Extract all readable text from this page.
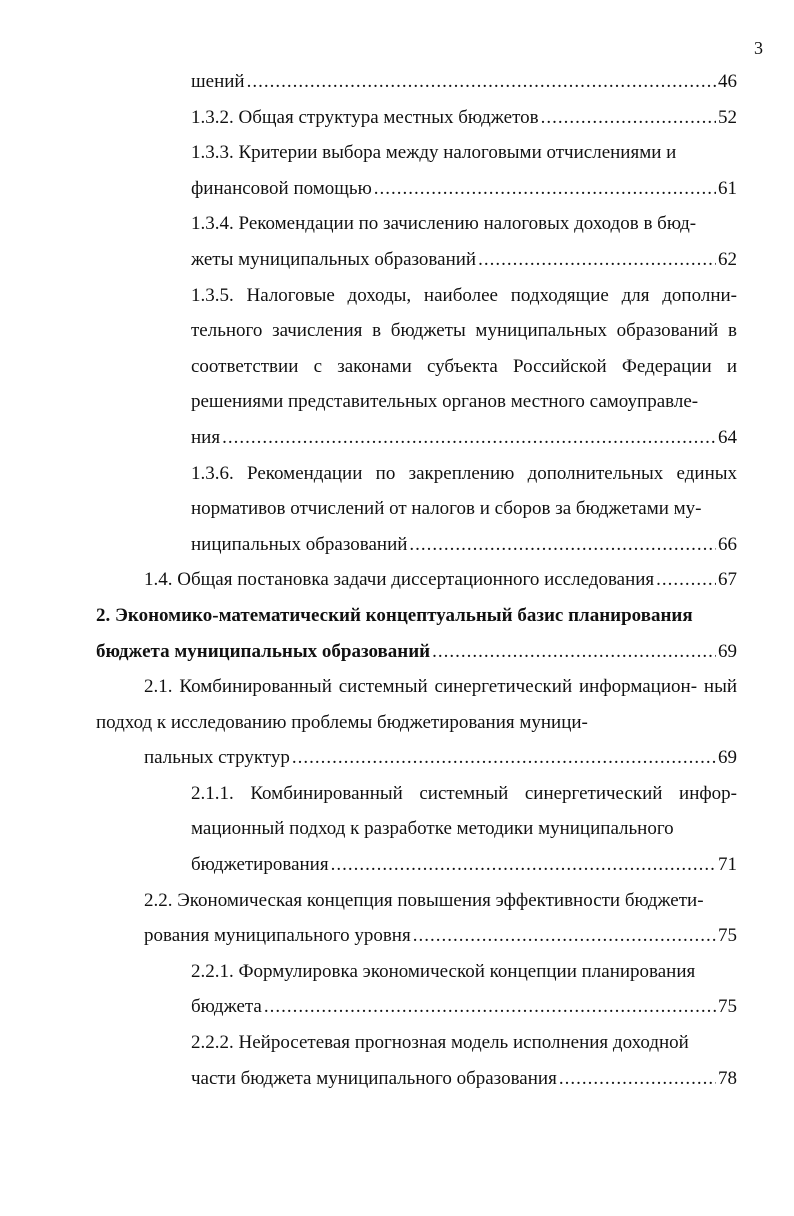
3
шений .....	46
1.3.2. Общая структура местных бюджетов .....	52
1.3.3. Критерии выбора между налоговыми отчислениями и
финансовой помощью .....	61
1.3.4. Рекомендации по зачислению налоговых доходов в бюд-
жеты муниципальных образований .....	62
1.3.5. Налоговые доходы, наиболее подходящие для дополни- тельного зачисления в бюджеты муниципальных образований в соответствии с законами субъекта Российской Федерации и решениями представительных органов местного самоуправле-
ния .....	64
1.3.6. Рекомендации по закреплению дополнительных единых нормативов отчислений от налогов и сборов за бюджетами му-
ниципальных образований .....	66
1.4. Общая постановка задачи диссертационного исследования .....	67
2. Экономико-математический концептуальный базис планирования
бюджета муниципальных образований .....	69
2.1. Комбинированный системный синергетический информацион- ный подход к исследованию проблемы бюджетирования муници-
пальных структур .....	69
2.1.1. Комбинированный системный синергетический инфор- мационный подход к разработке методики муниципального
бюджетирования .....	71
2.2. Экономическая концепция повышения эффективности бюджети-
рования муниципального уровня .....	75
2.2.1. Формулировка экономической концепции планирования
бюджета .....	75
2.2.2. Нейросетевая прогнозная модель исполнения доходной
части бюджета муниципального образования .....	78
